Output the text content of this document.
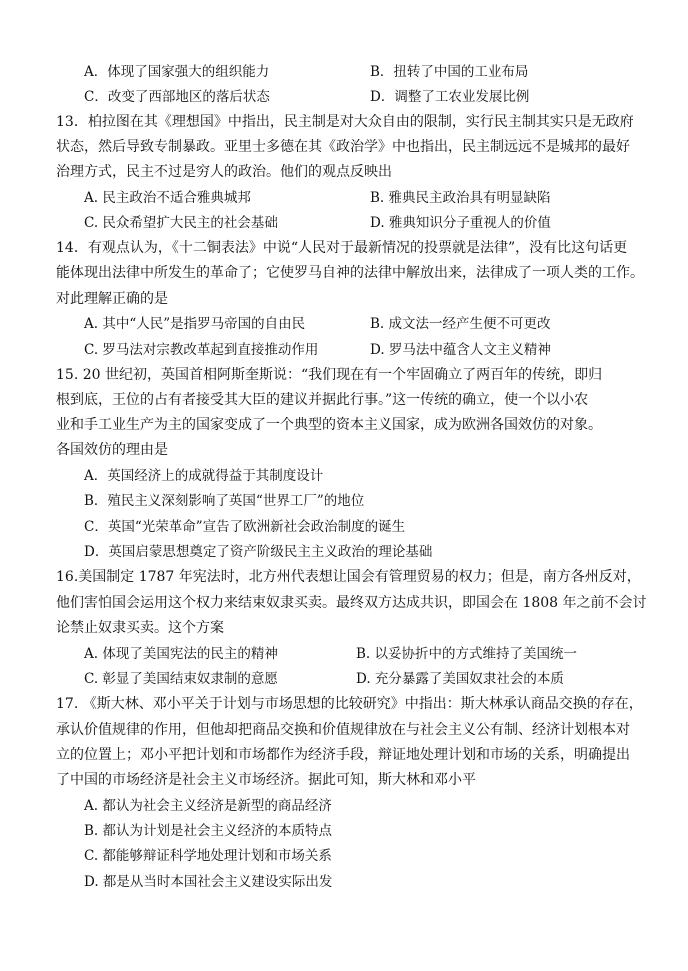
A．体现了国家强大的组织能力	B．扭转了中国的工业布局
C．改变了西部地区的落后状态	D．调整了工农业发展比例
13．柏拉图在其《理想国》中指出，民主制是对大众自由的限制，实行民主制其实只是无政府
状态，然后导致专制暴政。亚里士多德在其《政治学》中也指出，民主制远远不是城邦的最好
治理方式，民主不过是穷人的政治。他们的观点反映出
A. 民主政治不适合雅典城邦	B. 雅典民主政治具有明显缺陷
C. 民众希望扩大民主的社会基础	D. 雅典知识分子重视人的价值
14．有观点认为，《十二铜表法》中说“人民对于最新情况的投票就是法律”，没有比这句话更
能体现出法律中所发生的革命了；它使罗马自神的法律中解放出来，法律成了一项人类的工作。
对此理解正确的是
A. 其中“人民”是指罗马帝国的自由民	B. 成文法一经产生便不可更改
C. 罗马法对宗教改革起到直接推动作用	D. 罗马法中蕴含人文主义精神
15. 20 世纪初，英国首相阿斯奎斯说：“我们现在有一个牢固确立了两百年的传统，即归
根到底，王位的占有者接受其大臣的建议并据此行事。”这一传统的确立，使一个以小农
业和手工业生产为主的国家变成了一个典型的资本主义国家，成为欧洲各国效仿的对象。
各国效仿的理由是
A．英国经济上的成就得益于其制度设计
B．殖民主义深刻影响了英国“世界工厂”的地位
C．英国“光荣革命”宣告了欧洲新社会政治制度的诞生
D．英国启蒙思想奠定了资产阶级民主主义政治的理论基础
16.美国制定 1787 年宪法时，北方州代表想让国会有管理贸易的权力；但是，南方各州反对，
他们害怕国会运用这个权力来结束奴隶买卖。最终双方达成共识，即国会在 1808 年之前不会讨
论禁止奴隶买卖。这个方案
A. 体现了美国宪法的民主的精神	B. 以妥协折中的方式维持了美国统一
C. 彰显了美国结束奴隶制的意愿	D. 充分暴露了美国奴隶社会的本质
17. 《斯大林、邓小平关于计划与市场思想的比较研究》中指出：斯大林承认商品交换的存在，
承认价值规律的作用，但他却把商品交换和价值规律放在与社会主义公有制、经济计划根本对
立的位置上；邓小平把计划和市场都作为经济手段，辩证地处理计划和市场的关系，明确提出
了中国的市场经济是社会主义市场经济。据此可知，斯大林和邓小平
A. 都认为社会主义经济是新型的商品经济
B. 都认为计划是社会主义经济的本质特点
C. 都能够辩证科学地处理计划和市场关系
D. 都是从当时本国社会主义建设实际出发
